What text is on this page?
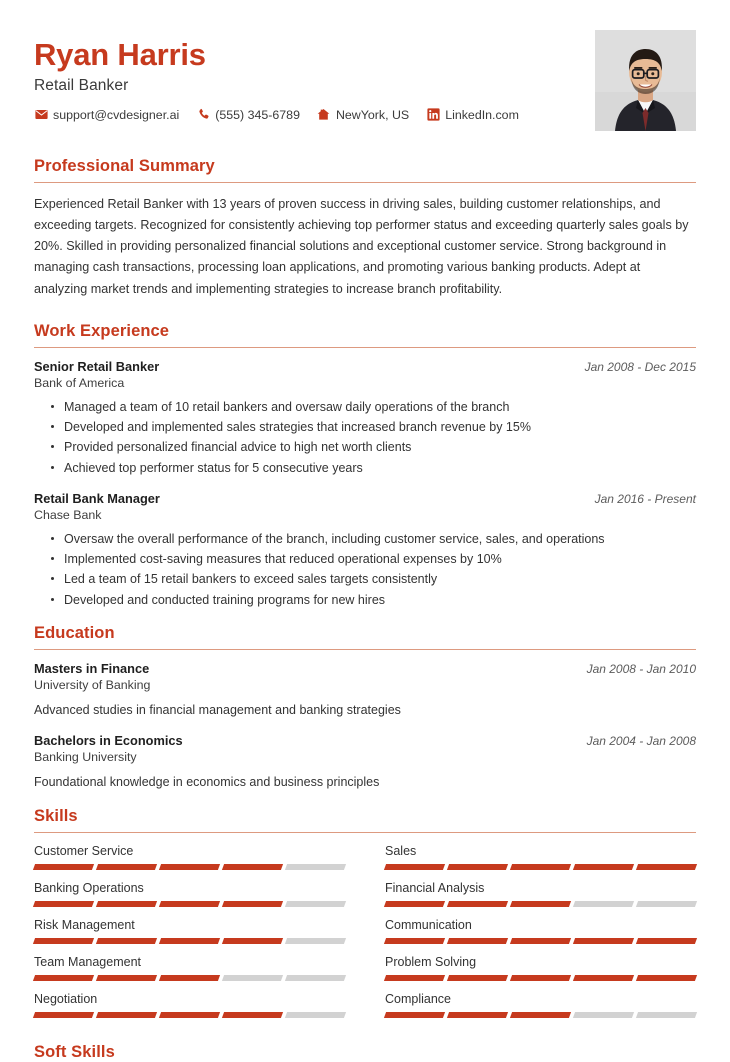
Ryan Harris
Retail Banker
support@cvdesigner.ai	(555) 345-6789	NewYork, US	LinkedIn.com
Professional Summary
Experienced Retail Banker with 13 years of proven success in driving sales, building customer relationships, and exceeding targets. Recognized for consistently achieving top performer status and exceeding quarterly sales goals by 20%. Skilled in providing personalized financial solutions and exceptional customer service. Strong background in managing cash transactions, processing loan applications, and promoting various banking products. Adept at analyzing market trends and implementing strategies to increase branch profitability.
Work Experience
Senior Retail Banker	Jan 2008 - Dec 2015
Bank of America
Managed a team of 10 retail bankers and oversaw daily operations of the branch
Developed and implemented sales strategies that increased branch revenue by 15%
Provided personalized financial advice to high net worth clients
Achieved top performer status for 5 consecutive years
Retail Bank Manager	Jan 2016 - Present
Chase Bank
Oversaw the overall performance of the branch, including customer service, sales, and operations
Implemented cost-saving measures that reduced operational expenses by 10%
Led a team of 15 retail bankers to exceed sales targets consistently
Developed and conducted training programs for new hires
Education
Masters in Finance	Jan 2008 - Jan 2010
University of Banking
Advanced studies in financial management and banking strategies
Bachelors in Economics	Jan 2004 - Jan 2008
Banking University
Foundational knowledge in economics and business principles
Skills
Customer Service	Sales
Banking Operations	Financial Analysis
Risk Management	Communication
Team Management	Problem Solving
Negotiation	Compliance
Soft Skills
